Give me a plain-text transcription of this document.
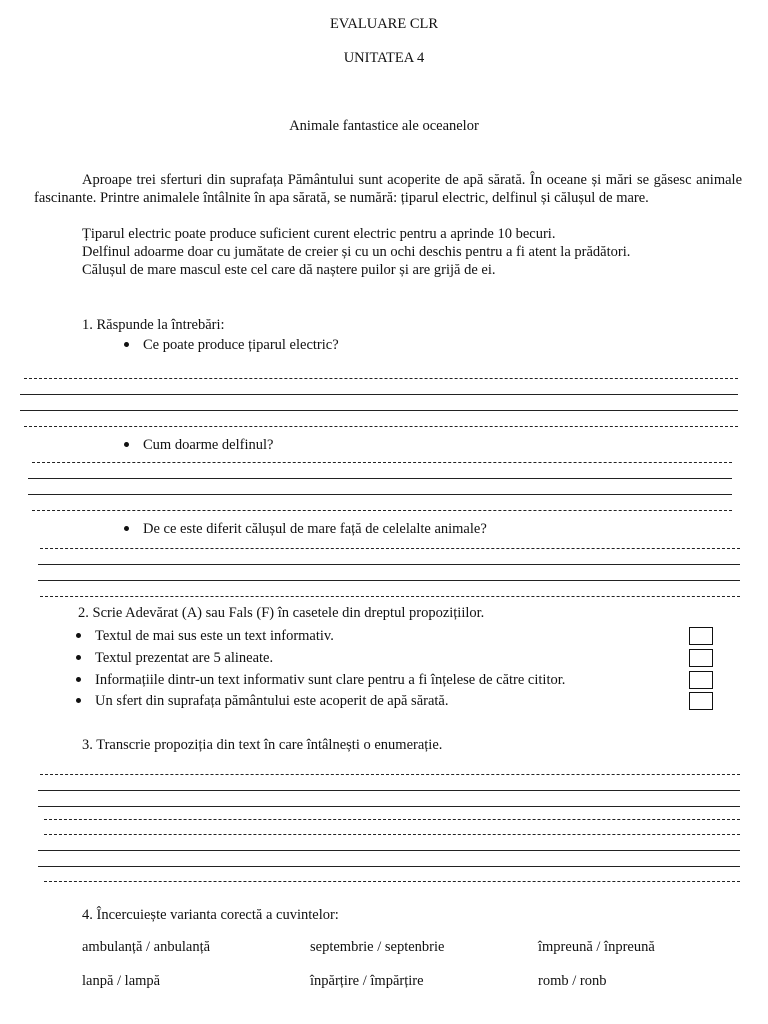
EVALUARE CLR
UNITATEA 4
Animale fantastice ale oceanelor
Aproape trei sferturi din suprafața Pământului sunt acoperite de apă sărată. În oceane și mări se găsesc animale fascinante. Printre animalele întâlnite în apa sărată, se numără: țiparul electric, delfinul și călușul de mare.
Țiparul electric poate produce suficient curent electric pentru a aprinde 10 becuri.
Delfinul adoarme doar cu jumătate de creier și cu un ochi deschis pentru a fi atent la prădători.
Călușul de mare mascul este cel care dă naștere puilor și are grijă de ei.
1. Răspunde la întrebări:
Ce poate produce țiparul electric?
Cum doarme delfinul?
De ce este diferit călușul de mare față de celelalte animale?
2. Scrie Adevărat (A) sau Fals (F) în casetele din dreptul propozițiilor.
Textul de mai sus este un text informativ.
Textul prezentat are 5 alineate.
Informațiile dintr-un text informativ sunt clare pentru a fi înțelese de către cititor.
Un sfert din suprafața pământului este acoperit de apă sărată.
3. Transcrie propoziția din text în care întâlnești o enumerație.
4. Încercuiește varianta corectă a cuvintelor:
ambulanță / anbulanță	septembrie / septenbrie	împreună / înpreună
lanpă / lampă	înpărțire / împărțire	romb / ronb
